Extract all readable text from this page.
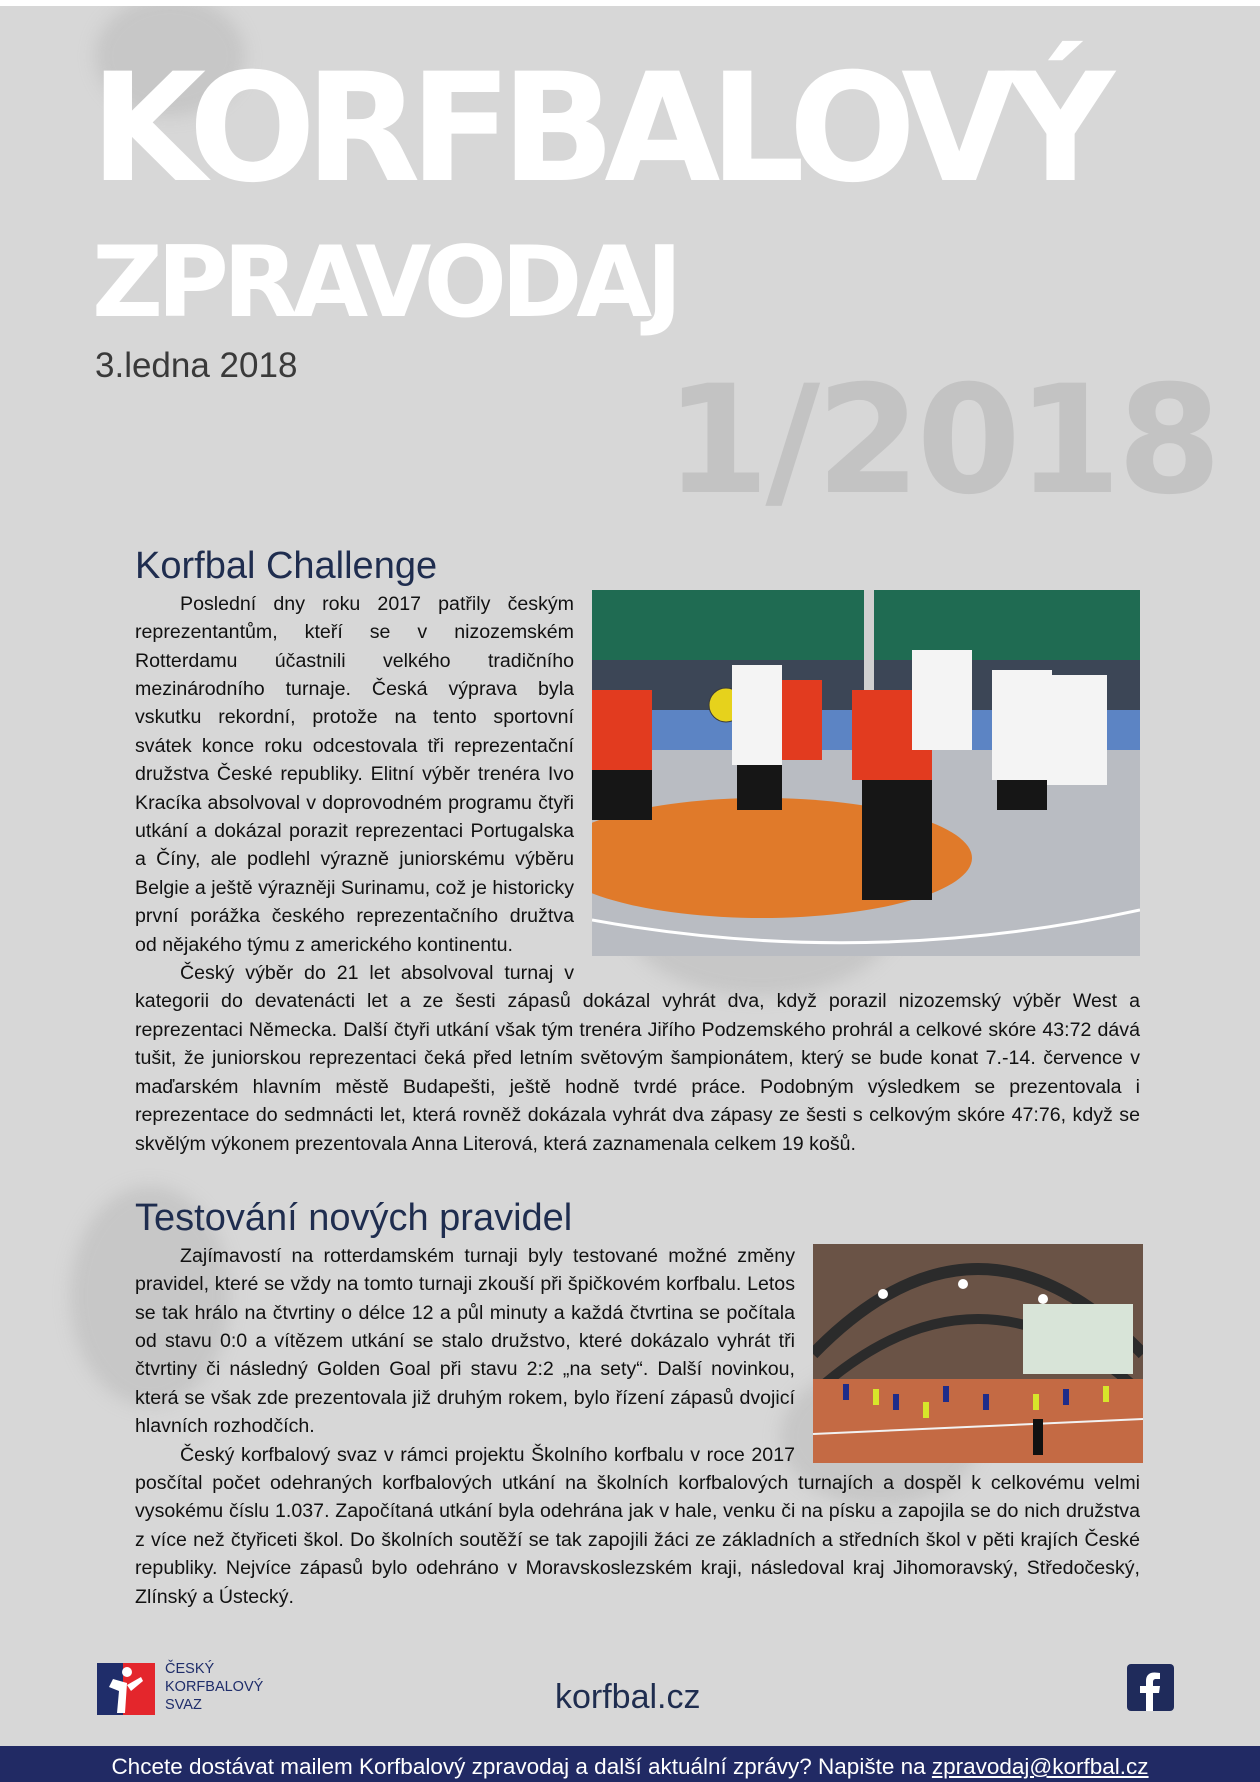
KORFBALOVÝ
ZPRAVODAJ
3.ledna 2018 1/2018
Korfbal Challenge

Poslední dny roku 2017 patřily českým reprezentantům, kteří se v nizozemském Rotterdamu účastnili velkého tradičního mezinárodního turnaje. Česká výprava byla vskutku rekordní, protože na tento sportovní svátek konce roku odcestovala tři reprezentační družstva České republiky. Elitní výběr trenéra Ivo Kracíka absolvoval v doprovodném programu čtyři utkání a dokázal porazit reprezentaci Portugalska a Číny, ale podlehl výrazně juniorskému výběru Belgie a ještě výrazněji Surinamu, což je historicky první porážka českého reprezentačního družtva od nějakého týmu z amerického kontinentu.

Český výběr do 21 let absolvoval turnaj v kategorii do devatenácti let a ze šesti zápasů dokázal vyhrát dva, když porazil nizozemský výběr West a reprezentaci Německa. Další čtyři utkání však tým trenéra Jiřího Podzemského prohrál a celkové skóre 43:72 dává tušit, že juniorskou reprezentaci čeká před letním světovým šampionátem, který se bude konat 7.-14. července v maďarském hlavním městě Budapešti, ještě hodně tvrdé práce. Podobným výsledkem se prezentovala i reprezentace do sedmnácti let, která rovněž dokázala vyhrát dva zápasy ze šesti s celkovým skóre 47:76, když se skvělým výkonem prezentovala Anna Literová, která zaznamenala celkem 19 košů.

Testování nových pravidel

Zajímavostí na rotterdamském turnaji byly testované možné změny pravidel, které se vždy na tomto turnaji zkouší při špičkovém korfbalu. Letos se tak hrálo na čtvrtiny o délce 12 a půl minuty a každá čtvrtina se počítala od stavu 0:0 a vítězem utkání se stalo družstvo, které dokázalo vyhrát tři čtvrtiny či následný Golden Goal při stavu 2:2 „na sety“. Další novinkou, která se však zde prezentovala již druhým rokem, bylo řízení zápasů dvojicí hlavních rozhodčích.

Český korfbalový svaz v rámci projektu Školního korfbalu v roce 2017 posčítal počet odehraných korfbalových utkání na školních korfbalových turnajích a dospěl k celkovému velmi vysokému číslu 1.037. Započítaná utkání byla odehrána jak v hale, venku či na písku a zapojila se do nich družstva z více než čtyřiceti škol. Do školních soutěží se tak zapojili žáci ze základních a středních škol v pěti krajích České republiky. Nejvíce zápasů bylo odehráno v Moravskoslezském kraji, následoval kraj Jihomoravský, Středočeský, Zlínský a Ústecký.

ČESKÝ
KORFBALOVÝ
SVAZ	korfbal.cz
Chcete dostávat mailem Korfbalový zpravodaj a další aktuální zprávy? Napište na zpravodaj@korfbal.cz
